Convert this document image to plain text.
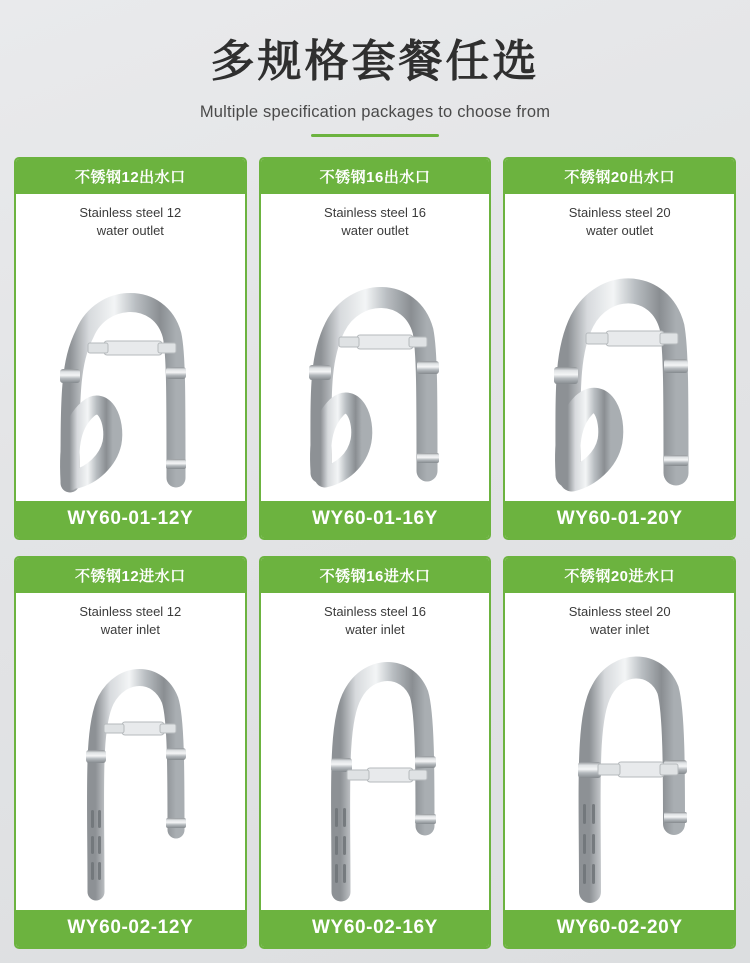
多规格套餐任选
Multiple specification packages to choose from
不锈钢12出水口
Stainless steel 12
water outlet
WY60-01-12Y
不锈钢16出水口
Stainless steel 16
water outlet
WY60-01-16Y
不锈钢20出水口
Stainless steel 20
water outlet
WY60-01-20Y
不锈钢12进水口
Stainless steel 12
water inlet
WY60-02-12Y
不锈钢16进水口
Stainless steel 16
water inlet
WY60-02-16Y
不锈钢20进水口
Stainless steel 20
water inlet
WY60-02-20Y
